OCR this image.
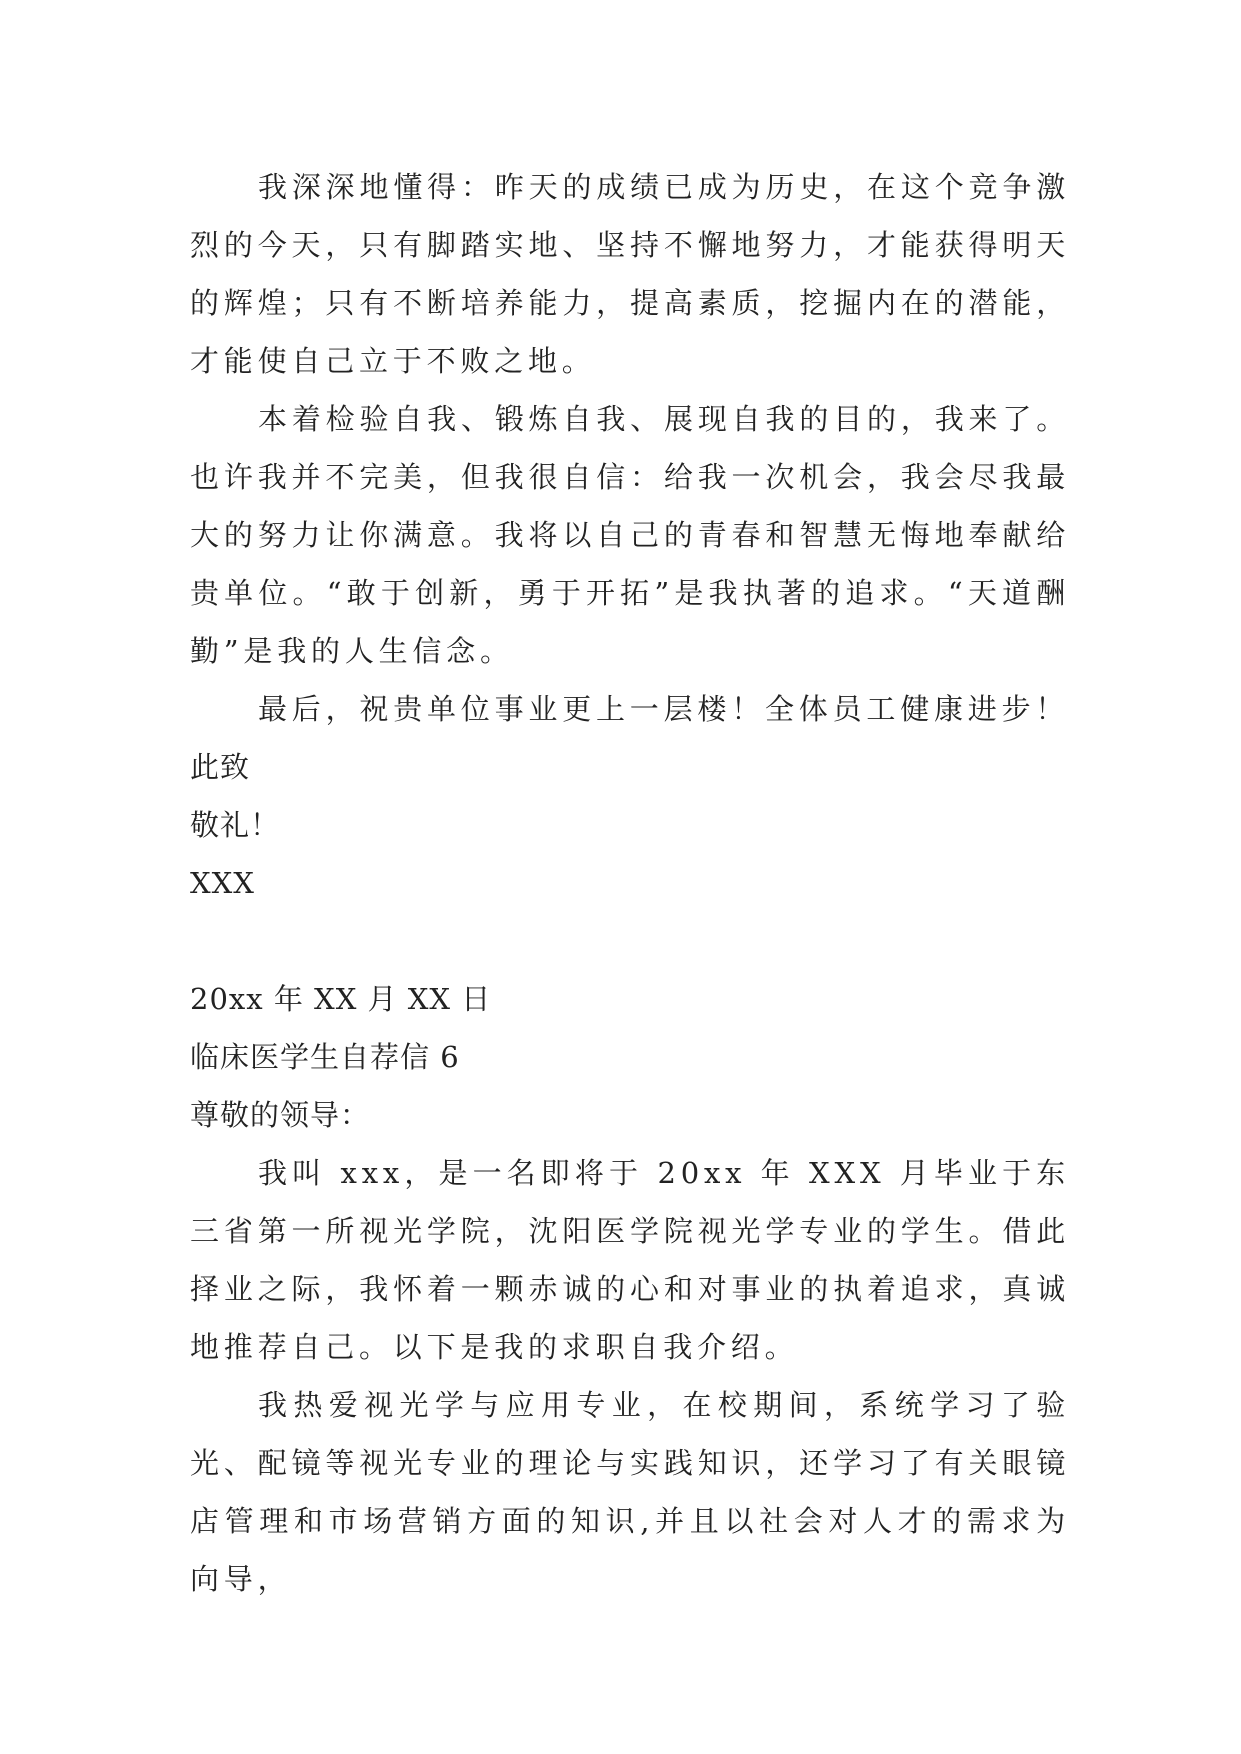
我深深地懂得：昨天的成绩已成为历史，在这个竞争激烈的今天，只有脚踏实地、坚持不懈地努力，才能获得明天的辉煌；只有不断培养能力，提高素质，挖掘内在的潜能，才能使自己立于不败之地。

本着检验自我、锻炼自我、展现自我的目的，我来了。也许我并不完美，但我很自信：给我一次机会，我会尽我最大的努力让你满意。我将以自己的青春和智慧无悔地奉献给贵单位。“敢于创新，勇于开拓”是我执著的追求。“天道酬勤”是我的人生信念。

最后，祝贵单位事业更上一层楼！全体员工健康进步！

此致

敬礼！

XXX

20xx 年 XX 月 XX 日

临床医学生自荐信 6

尊敬的领导：

我叫 xxx，是一名即将于 20xx 年 XXX 月毕业于东三省第一所视光学院，沈阳医学院视光学专业的学生。借此择业之际，我怀着一颗赤诚的心和对事业的执着追求，真诚地推荐自己。以下是我的求职自我介绍。

我热爱视光学与应用专业，在校期间，系统学习了验光、配镜等视光专业的理论与实践知识，还学习了有关眼镜店管理和市场营销方面的知识,并且以社会对人才的需求为向导，
